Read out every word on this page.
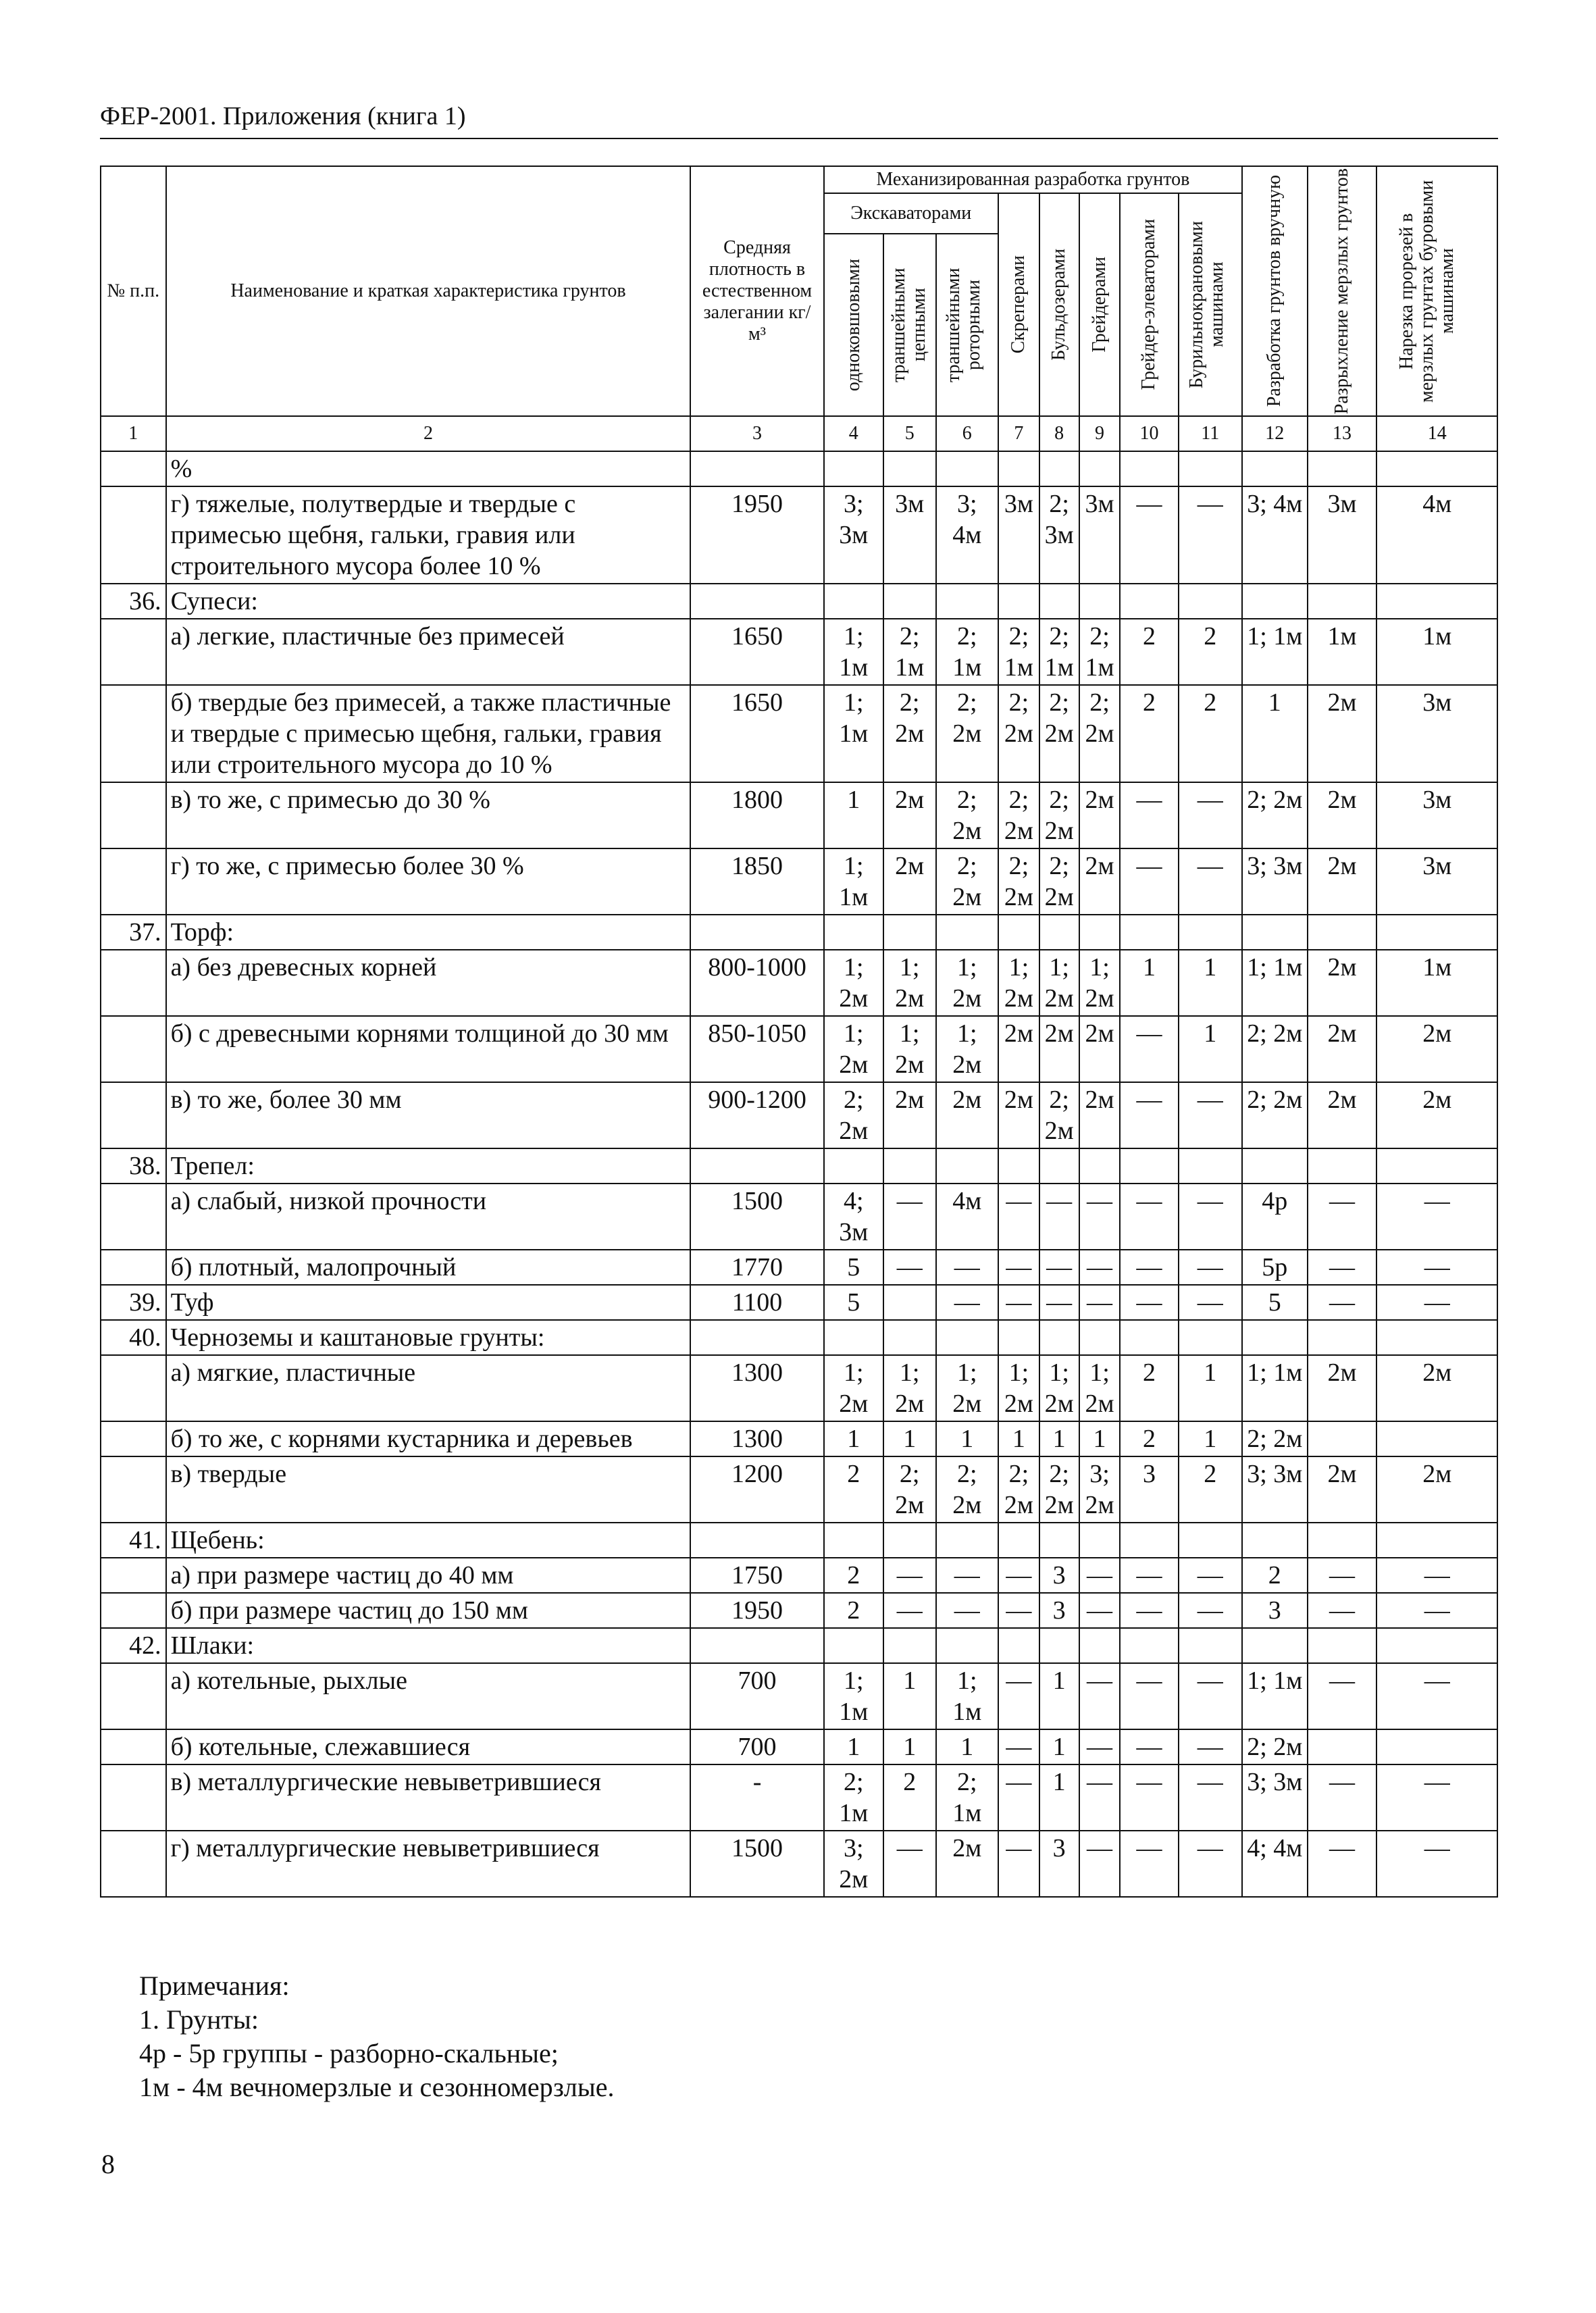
ФЕР-2001. Приложения (книга 1)
№ п.п.	Наименование и краткая характеристика грунтов	Средняя плотность в естественном залегании кг/м³	Механизированная разработка грунтов								Разработка грунтов вручную	Разрыхление мерзлых грунтов	Нарезка прорезей в мерзлых грунтах буровыми машинами

			Экскаваторами			Скреперами	Бульдозерами	Грейдерами	Грейдер-элеваторами	Бурильнокрановыми машинами			

			одноковшовыми	траншейными цепными	траншейными роторными								

1	2	3	4	5	6	7	8	9	10	11	12	13	14
	%												
	г) тяжелые, полутвердые и твердые с примесью щебня, гальки, гравия или строительного мусора более 10 %	1950	3; 3м	3м	3; 4м	3м	2; 3м	3м	—	—	3; 4м	3м	4м
36.	Супеси:												
	а) легкие, пластичные без примесей	1650	1; 1м	2; 1м	2; 1м	2; 1м	2; 1м	2; 1м	2	2	1; 1м	1м	1м
	б) твердые без примесей, а также пластичные и твердые с примесью щебня, гальки, гравия или строительного мусора до 10 %	1650	1; 1м	2; 2м	2; 2м	2; 2м	2; 2м	2; 2м	2	2	1	2м	3м
	в) то же, с примесью до 30 %	1800	1	2м	2; 2м	2; 2м	2; 2м	2м	—	—	2; 2м	2м	3м
	г) то же, с примесью более 30 %	1850	1; 1м	2м	2; 2м	2; 2м	2; 2м	2м	—	—	3; 3м	2м	3м
37.	Торф:												
	а) без древесных корней	800-1000	1; 2м	1; 2м	1; 2м	1; 2м	1; 2м	1; 2м	1	1	1; 1м	2м	1м
	б) с древесными корнями толщиной до 30 мм	850-1050	1; 2м	1; 2м	1; 2м	2м	2м	2м	—	1	2; 2м	2м	2м
	в) то же, более 30 мм	900-1200	2; 2м	2м	2м	2м	2; 2м	2м	—	—	2; 2м	2м	2м
38.	Трепел:												
	а) слабый, низкой прочности	1500	4; 3м	—	4м	—	—	—	—	—	4р	—	—
	б) плотный, малопрочный	1770	5	—	—	—	—	—	—	—	5р	—	—
39.	Туф	1100	5		—	—	—	—	—	—	5	—	—
40.	Черноземы и каштановые грунты:												
	а) мягкие, пластичные	1300	1; 2м	1; 2м	1; 2м	1; 2м	1; 2м	1; 2м	2	1	1; 1м	2м	2м
	б) то же, с корнями кустарника и деревьев	1300	1	1	1	1	1	1	2	1	2; 2м		
	в) твердые	1200	2	2; 2м	2; 2м	2; 2м	2; 2м	3; 2м	3	2	3; 3м	2м	2м
41.	Щебень:												
	а) при размере частиц до 40 мм	1750	2	—	—	—	3	—	—	—	2	—	—
	б) при размере частиц до 150 мм	1950	2	—	—	—	3	—	—	—	3	—	—
42.	Шлаки:												
	а) котельные, рыхлые	700	1; 1м	1	1; 1м	—	1	—	—	—	1; 1м	—	—
	б) котельные, слежавшиеся	700	1	1	1	—	1	—	—	—	2; 2м		
	в) металлургические невыветрившиеся	-	2; 1м	2	2; 1м	—	1	—	—	—	3; 3м	—	—
	г) металлургические невыветрившиеся	1500	3; 2м	—	2м	—	3	—	—	—	4; 4м	—	—
Примечания:
1. Грунты:
4р - 5р группы - разборно-скальные;
1м - 4м вечномерзлые и сезонномерзлые.
8
